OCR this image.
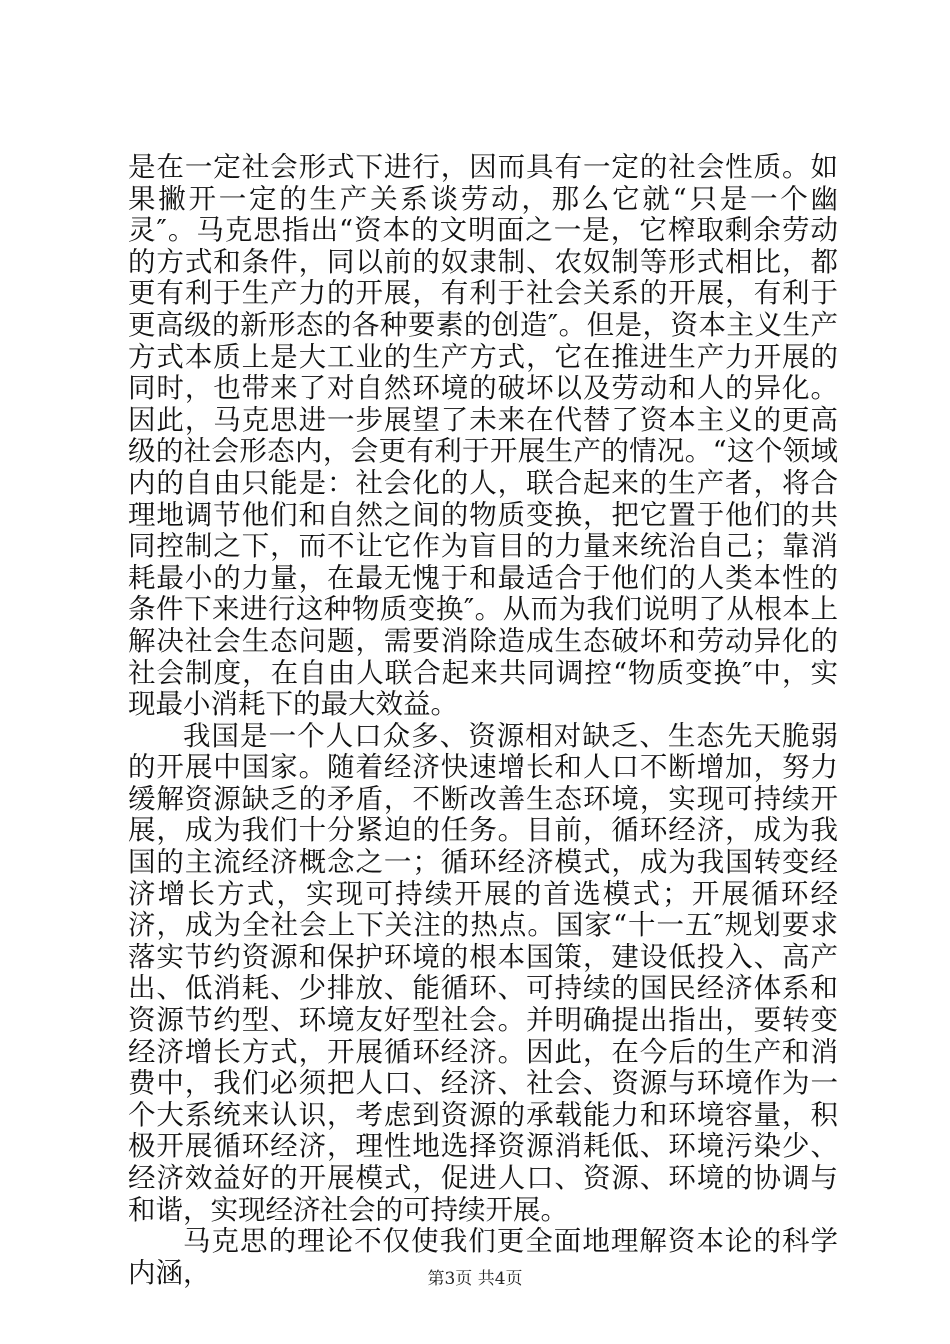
是在一定社会形式下进行，因而具有一定的社会性质。如果撇开一定的生产关系谈劳动，那么它就“只是一个幽灵″。马克思指出“资本的文明面之一是，它榨取剩余劳动的方式和条件，同以前的奴隶制、农奴制等形式相比，都更有利于生产力的开展，有利于社会关系的开展，有利于更高级的新形态的各种要素的创造″。但是，资本主义生产方式本质上是大工业的生产方式，它在推进生产力开展的同时，也带来了对自然环境的破坏以及劳动和人的异化。因此，马克思进一步展望了未来在代替了资本主义的更高级的社会形态内，会更有利于开展生产的情况。“这个领域内的自由只能是：社会化的人，联合起来的生产者，将合理地调节他们和自然之间的物质变换，把它置于他们的共同控制之下，而不让它作为盲目的力量来统治自己；靠消耗最小的力量，在最无愧于和最适合于他们的人类本性的条件下来进行这种物质变换″。从而为我们说明了从根本上解决社会生态问题，需要消除造成生态破坏和劳动异化的社会制度，在自由人联合起来共同调控“物质变换″中，实现最小消耗下的最大效益。

我国是一个人口众多、资源相对缺乏、生态先天脆弱的开展中国家。随着经济快速增长和人口不断增加，努力缓解资源缺乏的矛盾，不断改善生态环境，实现可持续开展，成为我们十分紧迫的任务。目前，循环经济，成为我国的主流经济概念之一；循环经济模式，成为我国转变经济增长方式，实现可持续开展的首选模式；开展循环经济，成为全社会上下关注的热点。国家“十一五″规划要求落实节约资源和保护环境的根本国策，建设低投入、高产出、低消耗、少排放、能循环、可持续的国民经济体系和资源节约型、环境友好型社会。并明确提出指出，要转变经济增长方式，开展循环经济。因此，在今后的生产和消费中，我们必须把人口、经济、社会、资源与环境作为一个大系统来认识，考虑到资源的承载能力和环境容量，积极开展循环经济，理性地选择资源消耗低、环境污染少、经济效益好的开展模式，促进人口、资源、环境的协调与和谐，实现经济社会的可持续开展。

马克思的理论不仅使我们更全面地理解资本论的科学内涵，	第3页 共4页
